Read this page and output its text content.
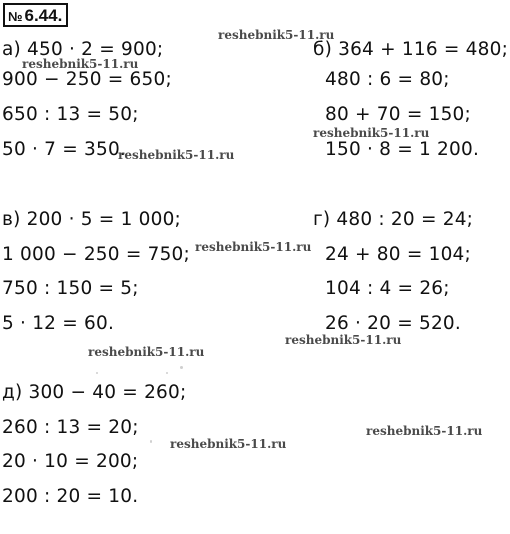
№ 6.44.
а) 450 · 2 = 900;
900 − 250 = 650;
650 : 13 = 50;
50 · 7 = 350.
б) 364 + 116 = 480;
480 : 6 = 80;
80 + 70 = 150;
150 · 8 = 1 200.
в) 200 · 5 = 1 000;
1 000 − 250 = 750;
750 : 150 = 5;
5 · 12 = 60.
г) 480 : 20 = 24;
24 + 80 = 104;
104 : 4 = 26;
26 · 20 = 520.
д) 300 − 40 = 260;
260 : 13 = 20;
20 · 10 = 200;
200 : 20 = 10.
reshebnik5-11.ru
reshebnik5-11.ru
reshebnik5-11.ru
reshebnik5-11.ru
reshebnik5-11.ru
reshebnik5-11.ru
reshebnik5-11.ru
reshebnik5-11.ru
reshebnik5-11.ru
